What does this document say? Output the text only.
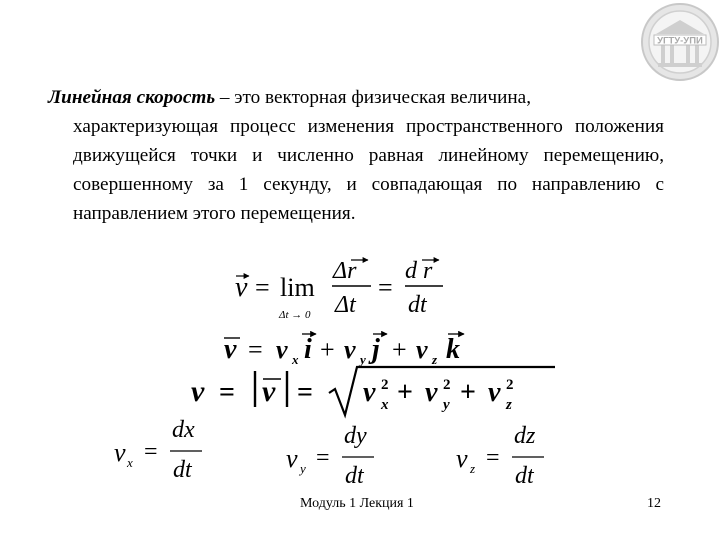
УГТУ-УПИ
Линейная скорость – это векторная физическая величина,
характеризующая процесс изменения пространственного положения движущейся точки и численно равная линейному перемещению, совершенному за 1 секунду, и совпадающая по направлению с направлением этого перемещения.
v = lim
Δt → 0
Δr
Δt
=
d r
dt
v = v x i + v y j + v z k
v = v = v 2
x + v 2
y + v 2
z
v x =
dx
dt	v y =
dy
dt
v z =
dz
dt
Модуль 1 Лекция 1	12
